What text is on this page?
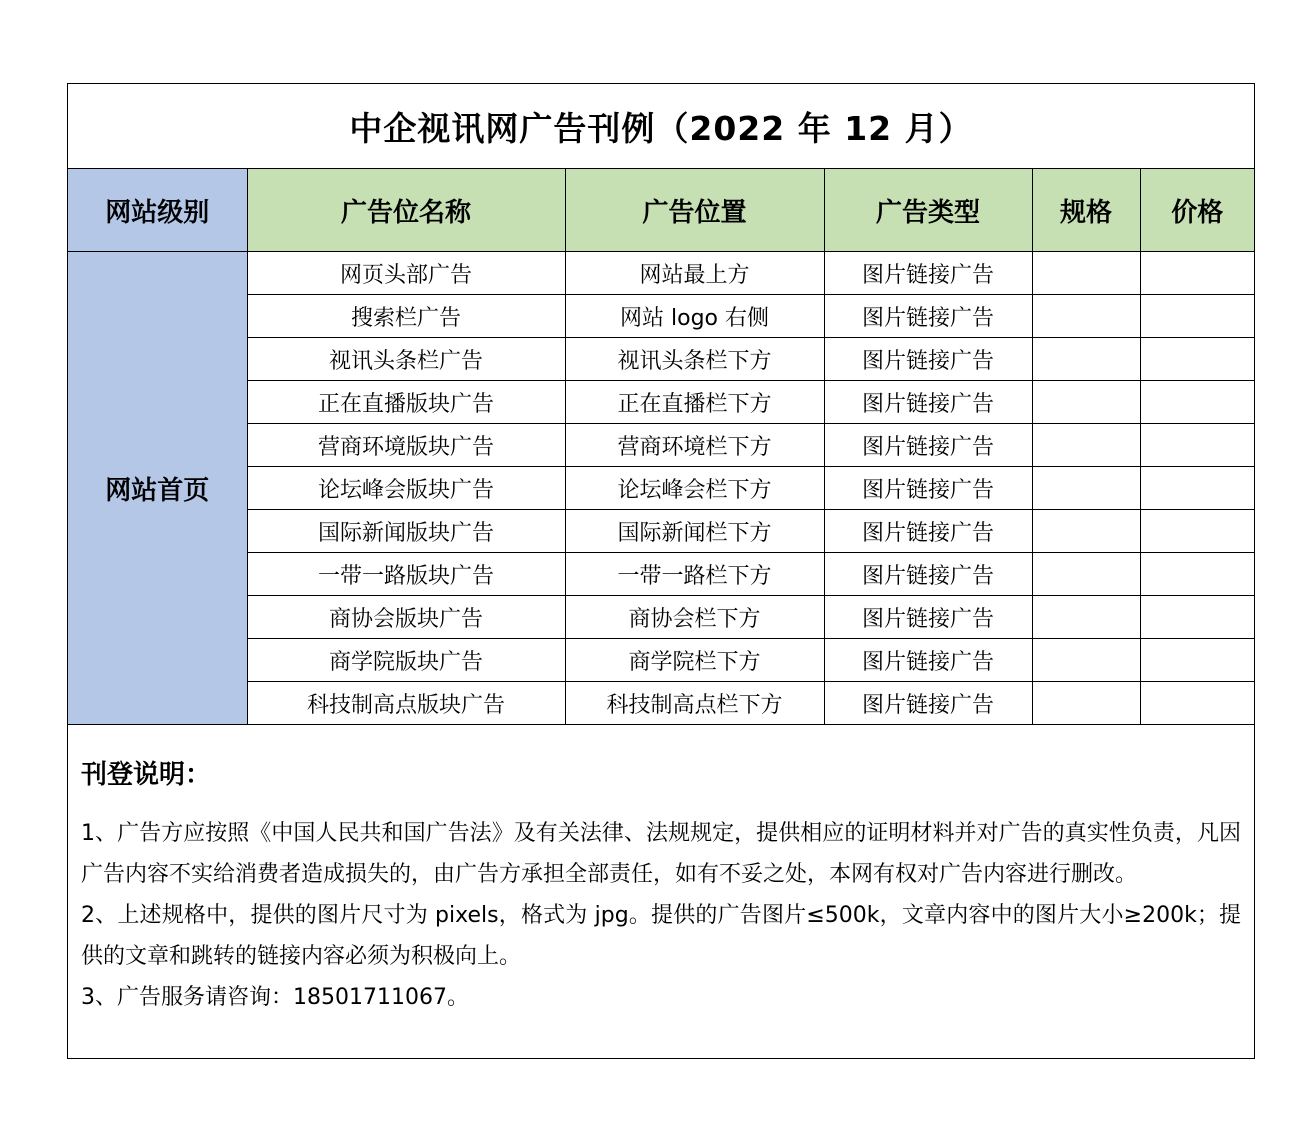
中企视讯网广告刊例（2022 年 12 月）
网站级别	广告位名称	广告位置	广告类型	规格	价格
网站首页	网页头部广告	网站最上方	图片链接广告		
	搜索栏广告	网站 logo 右侧	图片链接广告		
	视讯头条栏广告	视讯头条栏下方	图片链接广告		
	正在直播版块广告	正在直播栏下方	图片链接广告		
	营商环境版块广告	营商环境栏下方	图片链接广告		
	论坛峰会版块广告	论坛峰会栏下方	图片链接广告		
	国际新闻版块广告	国际新闻栏下方	图片链接广告		
	一带一路版块广告	一带一路栏下方	图片链接广告		
	商协会版块广告	商协会栏下方	图片链接广告		
	商学院版块广告	商学院栏下方	图片链接广告		
	科技制高点版块广告	科技制高点栏下方	图片链接广告		
刊登说明：
1、广告方应按照《中国人民共和国广告法》及有关法律、法规规定，提供相应的证明材料并对广告的真实性负责，凡因广告内容不实给消费者造成损失的，由广告方承担全部责任，如有不妥之处，本网有权对广告内容进行删改。
2、上述规格中，提供的图片尺寸为 pixels，格式为 jpg。提供的广告图片≤500k，文章内容中的图片大小≥200k；提供的文章和跳转的链接内容必须为积极向上。
3、广告服务请咨询：18501711067。
